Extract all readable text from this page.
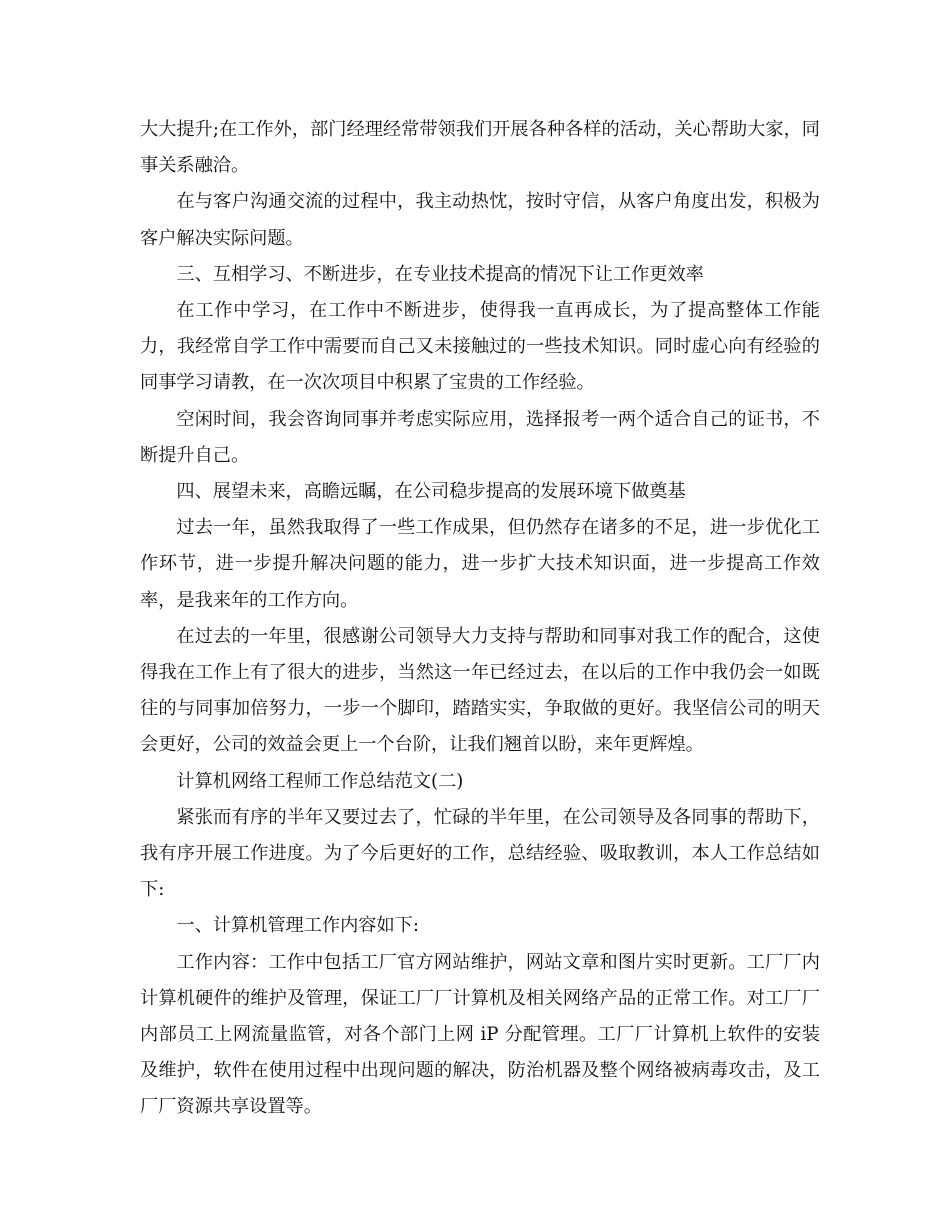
大大提升;在工作外，部门经理经常带领我们开展各种各样的活动，关心帮助大家，同事关系融洽。

在与客户沟通交流的过程中，我主动热忱，按时守信，从客户角度出发，积极为客户解决实际问题。

三、互相学习、不断进步，在专业技术提高的情况下让工作更效率

在工作中学习，在工作中不断进步，使得我一直再成长，为了提高整体工作能力，我经常自学工作中需要而自己又未接触过的一些技术知识。同时虚心向有经验的同事学习请教，在一次次项目中积累了宝贵的工作经验。

空闲时间，我会咨询同事并考虑实际应用，选择报考一两个适合自己的证书，不断提升自己。

四、展望未来，高瞻远瞩，在公司稳步提高的发展环境下做奠基

过去一年，虽然我取得了一些工作成果，但仍然存在诸多的不足，进一步优化工作环节，进一步提升解决问题的能力，进一步扩大技术知识面，进一步提高工作效率，是我来年的工作方向。

在过去的一年里，很感谢公司领导大力支持与帮助和同事对我工作的配合，这使得我在工作上有了很大的进步，当然这一年已经过去，在以后的工作中我仍会一如既往的与同事加倍努力，一步一个脚印，踏踏实实，争取做的更好。我坚信公司的明天会更好，公司的效益会更上一个台阶，让我们翘首以盼，来年更辉煌。

计算机网络工程师工作总结范文(二)

紧张而有序的半年又要过去了，忙碌的半年里，在公司领导及各同事的帮助下，我有序开展工作进度。为了今后更好的工作，总结经验、吸取教训，本人工作总结如下:

一、计算机管理工作内容如下:

工作内容：工作中包括工厂官方网站维护，网站文章和图片实时更新。工厂厂内计算机硬件的维护及管理，保证工厂厂计算机及相关网络产品的正常工作。对工厂厂内部员工上网流量监管，对各个部门上网 iP 分配管理。工厂厂计算机上软件的安装及维护，软件在使用过程中出现问题的解决，防治机器及整个网络被病毒攻击，及工厂厂资源共享设置等。
